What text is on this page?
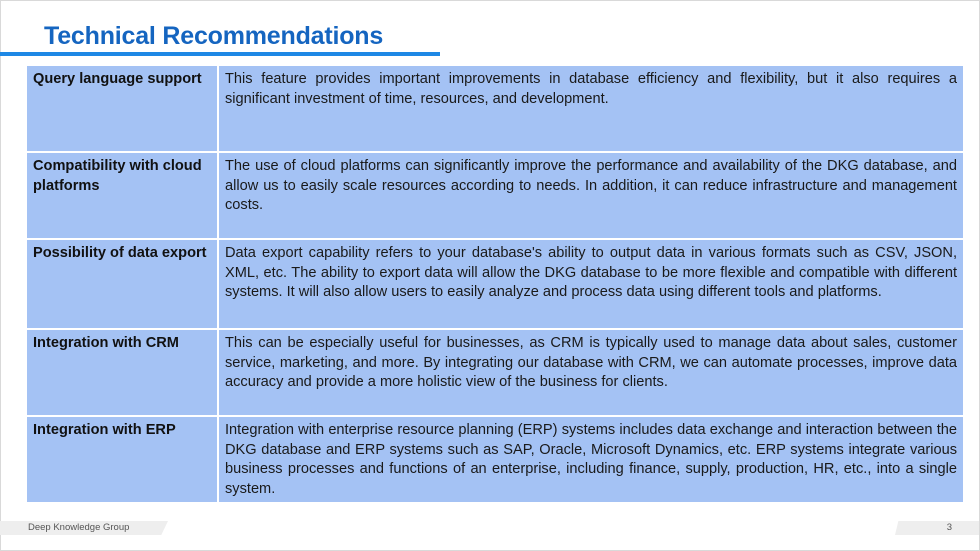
Technical Recommendations
Query language support	This feature provides important improvements in database efficiency and flexibility, but it also requires a significant investment of time, resources, and development.
Compatibility with cloud platforms	The use of cloud platforms can significantly improve the performance and availability of the DKG database, and allow us to easily scale resources according to needs. In addition, it can reduce infrastructure and management costs.
Possibility of data export	Data export capability refers to your database's ability to output data in various formats such as CSV, JSON, XML, etc. The ability to export data will allow the DKG database to be more flexible and compatible with different systems. It will also allow users to easily analyze and process data using different tools and platforms.
Integration with CRM	This can be especially useful for businesses, as CRM is typically used to manage data about sales, customer service, marketing, and more. By integrating our database with CRM, we can automate processes, improve data accuracy and provide a more holistic view of the business for clients.
Integration with ERP	Integration with enterprise resource planning (ERP) systems includes data exchange and interaction between the DKG database and ERP systems such as SAP, Oracle, Microsoft Dynamics, etc. ERP systems integrate various business processes and functions of an enterprise, including finance, supply, production, HR, etc., into a single system.
Deep Knowledge Group	3
